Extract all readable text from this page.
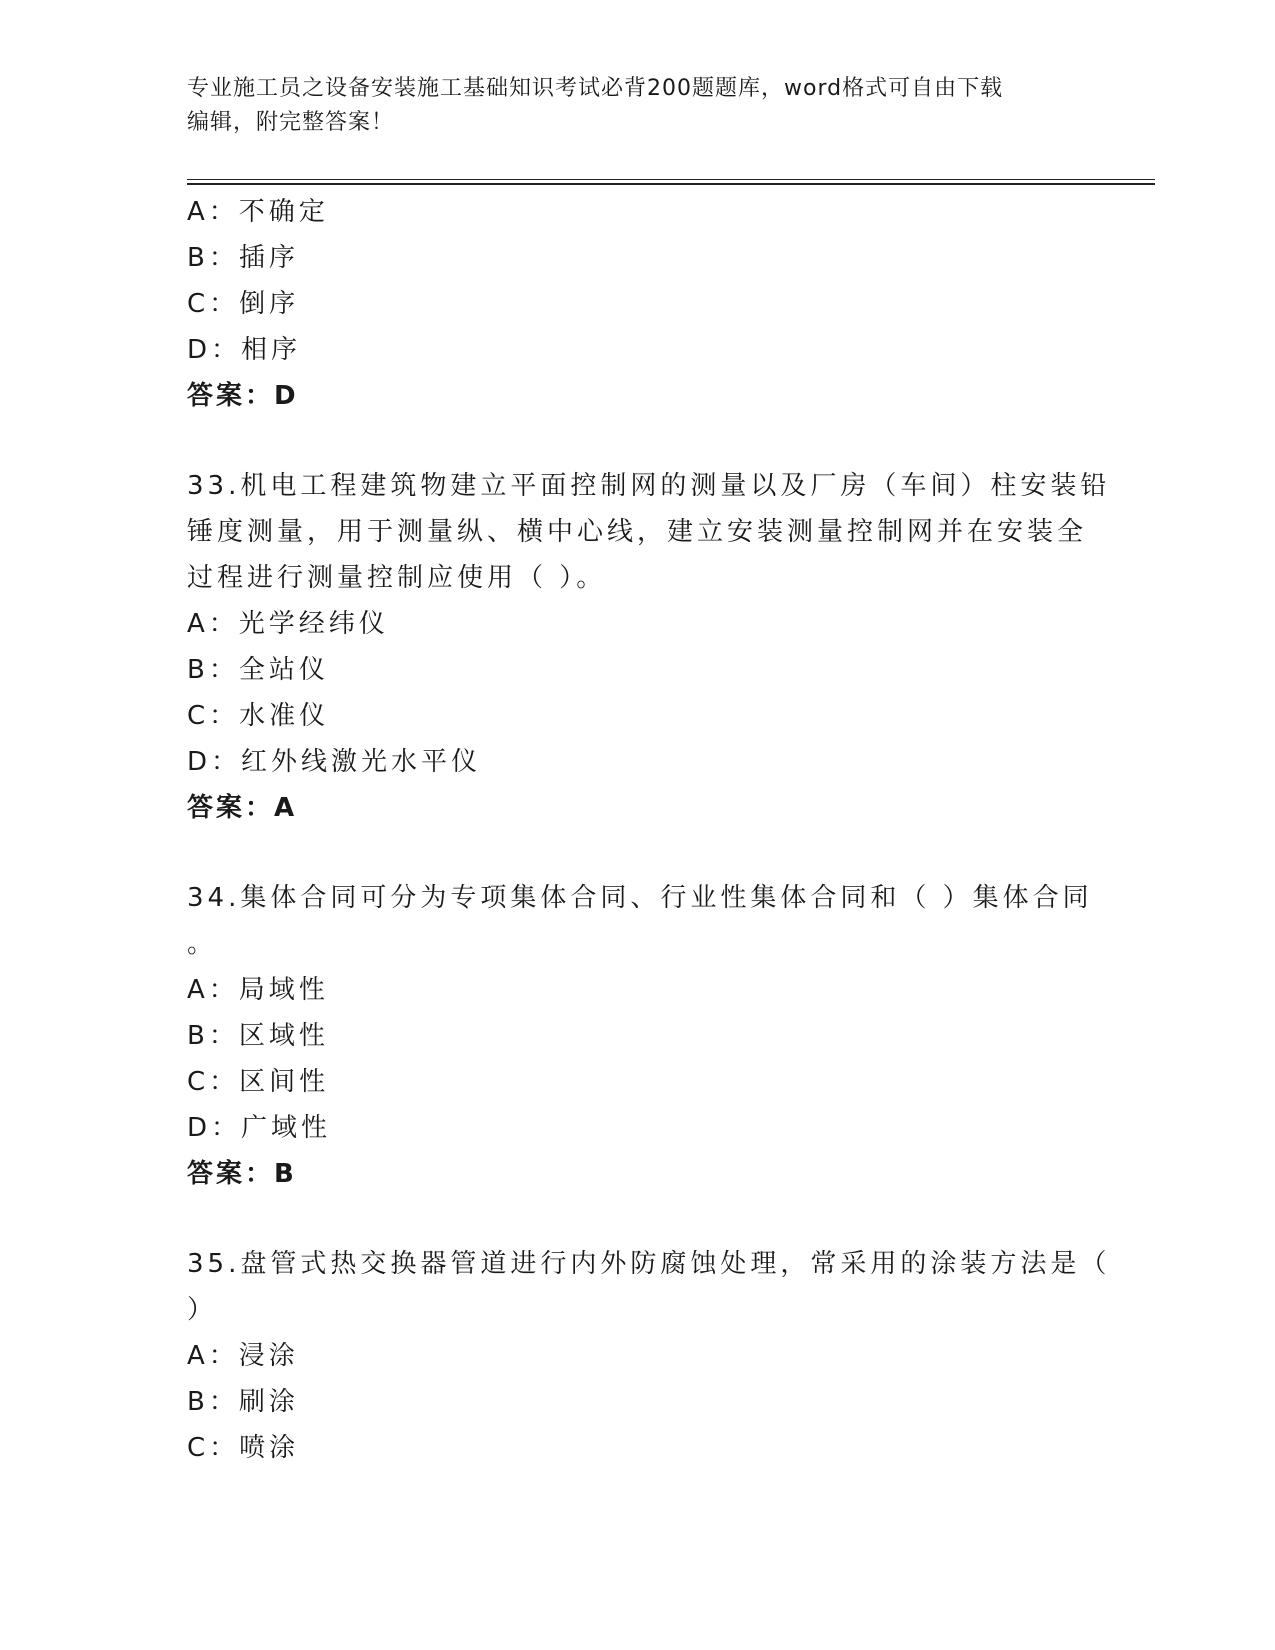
专业施工员之设备安装施工基础知识考试必背200题题库，word格式可自由下载
编辑，附完整答案！
A：不确定
B：插序
C：倒序
D：相序
答案：D
33.机电工程建筑物建立平面控制网的测量以及厂房（车间）柱安装铅
锤度测量，用于测量纵、横中心线，建立安装测量控制网并在安装全
过程进行测量控制应使用（ ）。
A：光学经纬仪
B：全站仪
C：水准仪
D：红外线激光水平仪
答案：A
34.集体合同可分为专项集体合同、行业性集体合同和（ ）集体合同
。
A：局域性
B：区域性
C：区间性
D：广域性
答案：B
35.盘管式热交换器管道进行内外防腐蚀处理，常采用的涂装方法是（
）
A：浸涂
B：刷涂
C：喷涂
